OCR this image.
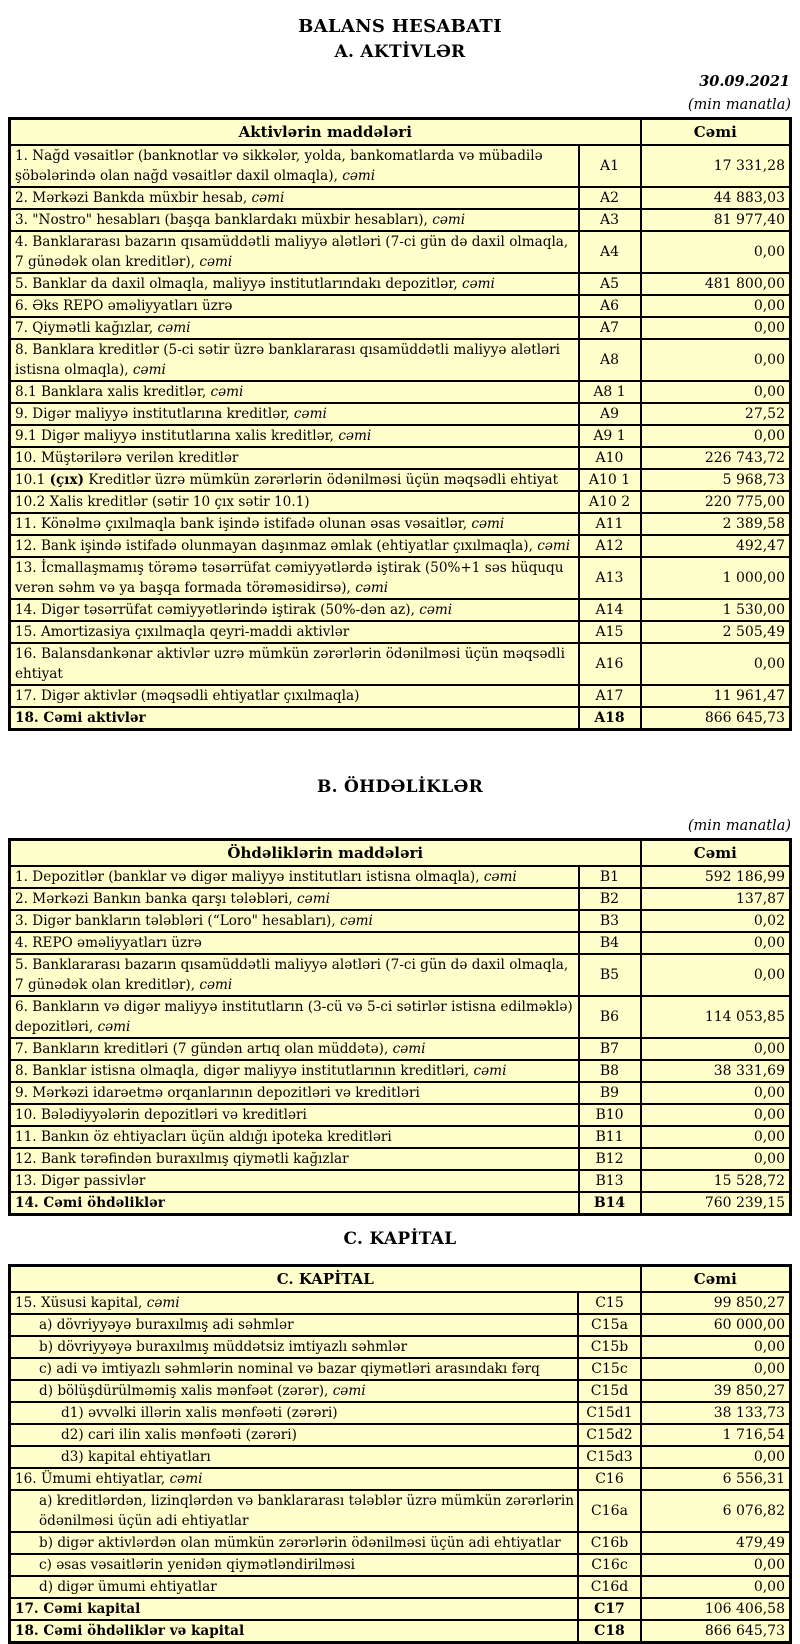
BALANS HESABATI
A. AKTİVLƏR
30.09.2021
(min manatla)
Aktivlərin maddələri		Cəmi
1. Nağd vəsaitlər (banknotlar və sikkələr, yolda, bankomatlarda və mübadilə şöbələrində olan nağd vəsaitlər daxil olmaqla), cəmi	A1	17 331,28
2. Mərkəzi Bankda müxbir hesab, cəmi	A2	44 883,03
3. "Nostro" hesabları (başqa banklardakı müxbir hesabları), cəmi	A3	81 977,40
4. Banklararası bazarın qısamüddətli maliyyə alətləri (7-ci gün də daxil olmaqla, 7 günədək olan kreditlər), cəmi	A4	0,00
5. Banklar da daxil olmaqla, maliyyə institutlarındakı depozitlər, cəmi	A5	481 800,00
6. Əks REPO əməliyyatları üzrə	A6	0,00
7. Qiymətli kağızlar, cəmi	A7	0,00
8. Banklara kreditlər (5-ci sətir üzrə banklararası qısamüddətli maliyyə alətləri istisna olmaqla), cəmi	A8	0,00
8.1 Banklara xalis kreditlər, cəmi	A8 1	0,00
9. Digər maliyyə institutlarına kreditlər, cəmi	A9	27,52
9.1 Digər maliyyə institutlarına xalis kreditlər, cəmi	A9 1	0,00
10. Müştərilərə verilən kreditlər	A10	226 743,72
10.1 (çıx) Kreditlər üzrə mümkün zərərlərin ödənilməsi üçün məqsədli ehtiyat	A10 1	5 968,73
10.2 Xalis kreditlər (sətir 10 çıx sətir 10.1)	A10 2	220 775,00
11. Könəlmə çıxılmaqla bank işində istifadə olunan əsas vəsaitlər, cəmi	A11	2 389,58
12. Bank işində istifadə olunmayan daşınmaz əmlak (ehtiyatlar çıxılmaqla), cəmi	A12	492,47
13. İcmallaşmamış törəmə təsərrüfat cəmiyyətlərdə iştirak (50%+1 səs hüququ verən səhm və ya başqa formada törəməsidirsə), cəmi	A13	1 000,00
14. Digər təsərrüfat cəmiyyətlərində iştirak (50%-dən az), cəmi	A14	1 530,00
15. Amortizasiya çıxılmaqla qeyri-maddi aktivlər	A15	2 505,49
16. Balansdankənar aktivlər uzrə mümkün zərərlərin ödənilməsi üçün məqsədli ehtiyat	A16	0,00
17. Digər aktivlər (məqsədli ehtiyatlar çıxılmaqla)	A17	11 961,47
18. Cəmi aktivlər	A18	866 645,73
B. ÖHDƏLİKLƏR
(min manatla)
Öhdəliklərin maddələri		Cəmi
1. Depozitlər (banklar və digər maliyyə institutları istisna olmaqla), cəmi	B1	592 186,99
2. Mərkəzi Bankın banka qarşı tələbləri, cəmi	B2	137,87
3. Digər bankların tələbləri (“Loro" hesabları), cəmi	B3	0,02
4. REPO əməliyyatları üzrə	B4	0,00
5. Banklararası bazarın qısamüddətli maliyyə alətləri (7-ci gün də daxil olmaqla, 7 günədək olan kreditlər), cəmi	B5	0,00
6. Bankların və digər maliyyə institutların (3-cü və 5-ci sətirlər istisna edilməklə) depozitləri, cəmi	B6	114 053,85
7. Bankların kreditləri (7 gündən artıq olan müddətə), cəmi	B7	0,00
8. Banklar istisna olmaqla, digər maliyyə institutlarının kreditləri, cəmi	B8	38 331,69
9. Mərkəzi idarəetmə orqanlarının depozitləri və kreditləri	B9	0,00
10. Bələdiyyələrin depozitləri və kreditləri	B10	0,00
11. Bankın öz ehtiyacları üçün aldığı ipoteka kreditləri	B11	0,00
12. Bank tərəfindən buraxılmış qiymətli kağızlar	B12	0,00
13. Digər passivlər	B13	15 528,72
14. Cəmi öhdəliklər	B14	760 239,15
C. KAPİTAL
C. KAPİTAL		Cəmi
15. Xüsusi kapital, cəmi	C15	99 850,27
a) dövriyyəyə buraxılmış adi səhmlər	C15a	60 000,00
b) dövriyyəyə buraxılmış müddətsiz imtiyazlı səhmlər	C15b	0,00
c) adi və imtiyazlı səhmlərin nominal və bazar qiymətləri arasındakı fərq	C15c	0,00
d) bölüşdürülməmiş xalis mənfəət (zərər), cəmi	C15d	39 850,27
d1) əvvəlki illərin xalis mənfəəti (zərəri)	C15d1	38 133,73
d2) cari ilin xalis mənfəəti (zərəri)	C15d2	1 716,54
d3) kapital ehtiyatları	C15d3	0,00
16. Ümumi ehtiyatlar, cəmi	C16	6 556,31
a) kreditlərdən, lizinqlərdən və banklararası tələblər üzrə mümkün zərərlərin ödənilməsi üçün adi ehtiyatlar	C16a	6 076,82
b) digər aktivlərdən olan mümkün zərərlərin ödənilməsi üçün adi ehtiyatlar	C16b	479,49
c) əsas vəsaitlərin yenidən qiymətləndirilməsi	C16c	0,00
d) digər ümumi ehtiyatlar	C16d	0,00
17. Cəmi kapital	C17	106 406,58
18. Cəmi öhdəliklər və kapital	C18	866 645,73
